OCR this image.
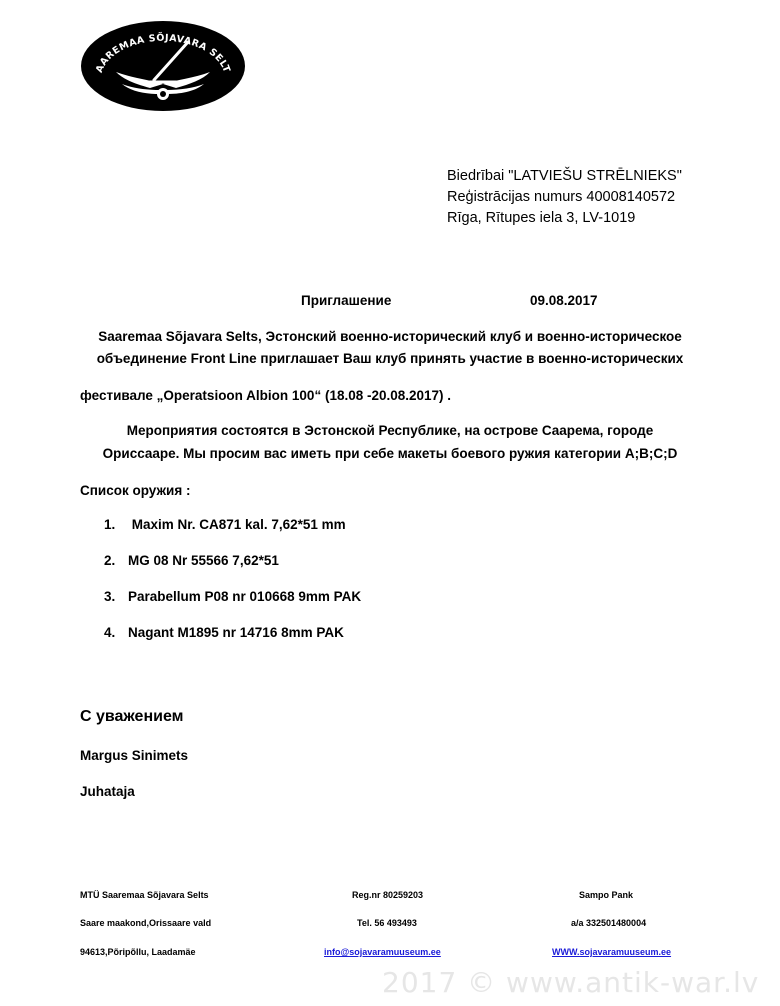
AAREMAA SÕJAVARA SELT
Biedrībai "LATVIEŠU STRĒLNIEKS"
Reģistrācijas numurs 40008140572
Rīga, Rītupes iela 3, LV-1019
Приглашение	09.08.2017
Saaremaa Sõjavara Selts, Эстонский военно-исторический клуб и военно-историческое
объединение Front Line приглашает Ваш клуб принять участие в военно-исторических
фестивале „Operatsioon Albion 100“ (18.08 -20.08.2017) .
Мероприятия состоятся в Эстонской Республике, на острове Саарема, городе
Ориссааре. Мы просим вас иметь при себе макеты боевого ружия категории A;B;C;D
Список оружия :
1. Maxim Nr. CA871 kal. 7,62*51 mm
2. MG 08 Nr 55566 7,62*51
3. Parabellum P08 nr 010668 9mm PAK
4. Nagant M1895 nr 14716 8mm PAK
С уважением
Margus Sinimets
Juhataja
MTÜ Saaremaa Sõjavara Selts
Saare maakond,Orissaare vald
94613,Põripõllu, Laadamäe
Reg.nr 80259203
Tel. 56 493493
info@sojavaramuuseum.ee
Sampo Pank
a/a 332501480004
WWW.sojavaramuuseum.ee
2017 © www.antik-war.lv
